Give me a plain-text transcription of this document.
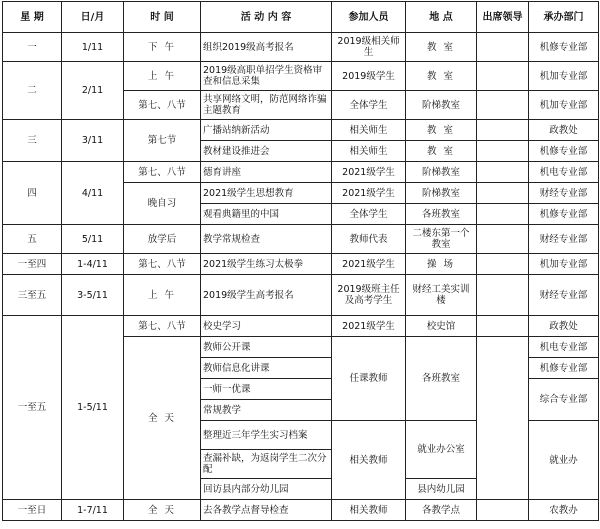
星 期	日/月	时 间	活 动 内 容	参加人员	地 点	出席领导	承办部门
一	1/11	下 午	组织2019级高考报名	2019级相关师生	教 室		机修专业部
二	2/11	上 午	2019级高职单招学生资格审查和信息采集	2019级学生	教 室		机加专业部
		第七、八节	共享网络文明，防范网络诈骗主题教育	全体学生	阶梯教室		机加专业部
三	3/11	第七节	广播站纳新活动	相关师生	教 室		政教处
			教材建设推进会	相关师生	教 室		机修专业部
四	4/11	第七、八节	德育讲座	2021级学生	阶梯教室		机电专业部
		晚自习	2021级学生思想教育	2021级学生	阶梯教室		财经专业部
			观看典籍里的中国	全体学生	各班教室		机修专业部
五	5/11	放学后	教学常规检查	教师代表	二楼东第一个教室		财经专业部
一至四	1-4/11	第七、八节	2021级学生练习太极拳	2021级学生	操 场		机加专业部
三至五	3-5/11	上 午	2019级学生高考报名	2019级班主任及高考学生	财经工美实训楼		财经专业部
一至五	1-5/11	第七、八节	校史学习	2021级学生	校史馆		政教处
		全 天	教师公开课	任课教师	各班教室		机电专业部
			教师信息化讲课				机修专业部
			一师一优课				综合专业部
			常规教学				
			整理近三年学生实习档案	相关教师	就业办公室		就业办
			查漏补缺，为返岗学生二次分配				
			回访县内部分幼儿园		县内幼儿园		
一至日	1-7/11	全 天	去各教学点督导检查	相关教师	各教学点		农教办
